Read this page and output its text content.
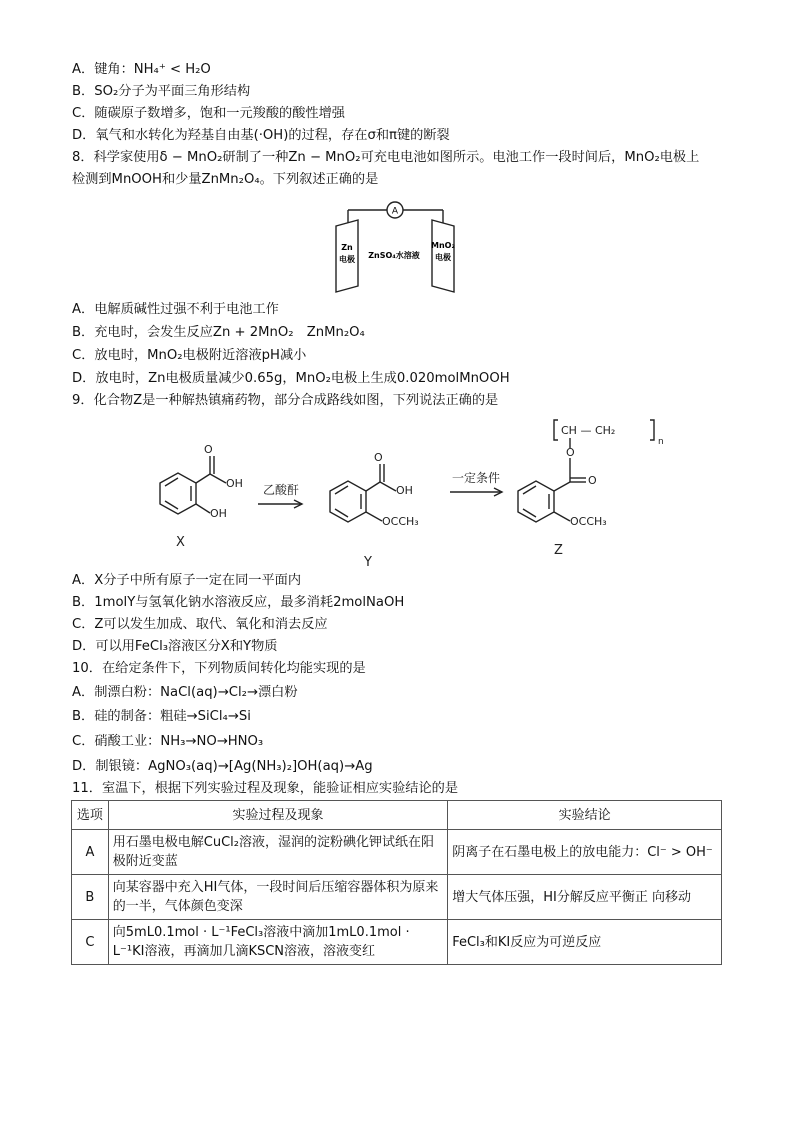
A．键角：NH₄⁺ < H₂O
B．SO₂分子为平面三角形结构
C．随碳原子数增多，饱和一元羧酸的酸性增强
D．氧气和水转化为羟基自由基(·OH)的过程，存在σ和π键的断裂
8．科学家使用δ − MnO₂研制了一种Zn − MnO₂可充电电池如图所示。电池工作一段时间后，MnO₂电极上
检测到MnOOH和少量ZnMn₂O₄。下列叙述正确的是
A
Zn
电极 ZnSO₄水溶液
MnO₂
电极
A．电解质碱性过强不利于电池工作
B．充电时，会发生反应Zn + 2MnO₂　ZnMn₂O₄
C．放电时，MnO₂电极附近溶液pH减小
D．放电时，Zn电极质量减少0.65g，MnO₂电极上生成0.020molMnOOH
9．化合物Z是一种解热镇痛药物，部分合成路线如图，下列说法正确的是
OH
O
OH
乙酸酐	OH
O
OCCH₃
一定条件	O
O
OCCH₃
CH — CH₂
n
X
Y
Z
A．X分子中所有原子一定在同一平面内
B．1molY与氢氧化钠水溶液反应，最多消耗2molNaOH
C．Z可以发生加成、取代、氧化和消去反应
D．可以用FeCl₃溶液区分X和Y物质
10．在给定条件下，下列物质间转化均能实现的是
A．制漂白粉：NaCl(aq)→Cl₂→漂白粉
B．硅的制备：粗硅→SiCl₄→Si
C．硝酸工业：NH₃→NO→HNO₃
D．制银镜：AgNO₃(aq)→[Ag(NH₃)₂]OH(aq)→Ag
11．室温下，根据下列实验过程及现象，能验证相应实验结论的是
选项	实验过程及现象	实验结论
A	用石墨电极电解CuCl₂溶液，湿润的淀粉碘化钾试纸在阳极附近变蓝	阴离子在石墨电极上的放电能力：Cl⁻ > OH⁻
B	向某容器中充入HI气体，一段时间后压缩容器体积为原来的一半，气体颜色变深	增大气体压强，HI分解反应平衡正 向移动
C	向5mL0.1mol · L⁻¹FeCl₃溶液中滴加1mL0.1mol · L⁻¹KI溶液，再滴加几滴KSCN溶液，溶液变红	FeCl₃和KI反应为可逆反应
